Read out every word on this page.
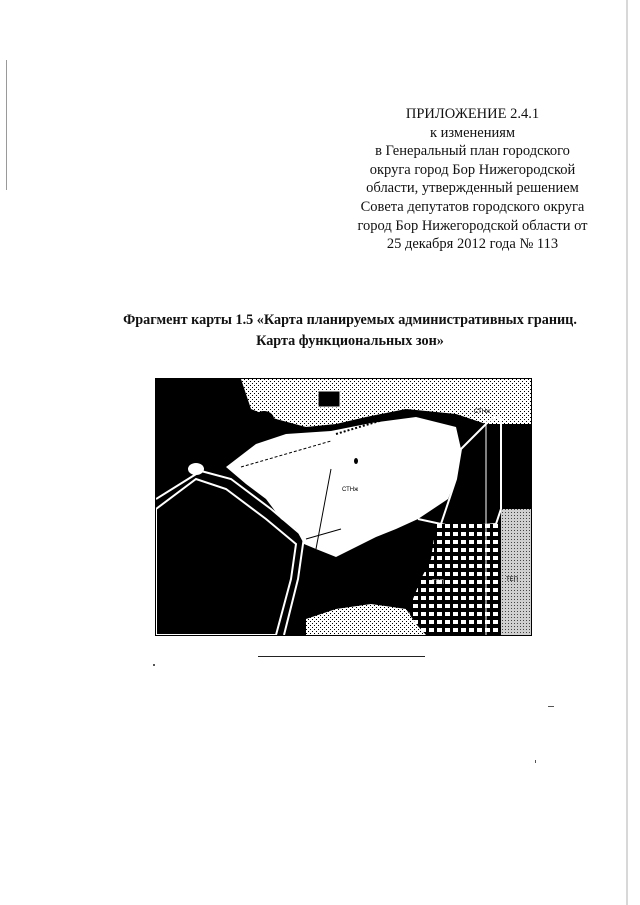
ПРИЛОЖЕНИЕ 2.4.1
к изменениям
в Генеральный план городского
округа город Бор Нижегородской
области, утвержденный решением
Совета депутатов городского округа
город Бор Нижегородской области от
25 декабря 2012 года № 113
Фрагмент карты 1.5 «Карта планируемых административных границ.
Карта функциональных зон»
СТНж
СТНж
ТЕП	ТЕП
